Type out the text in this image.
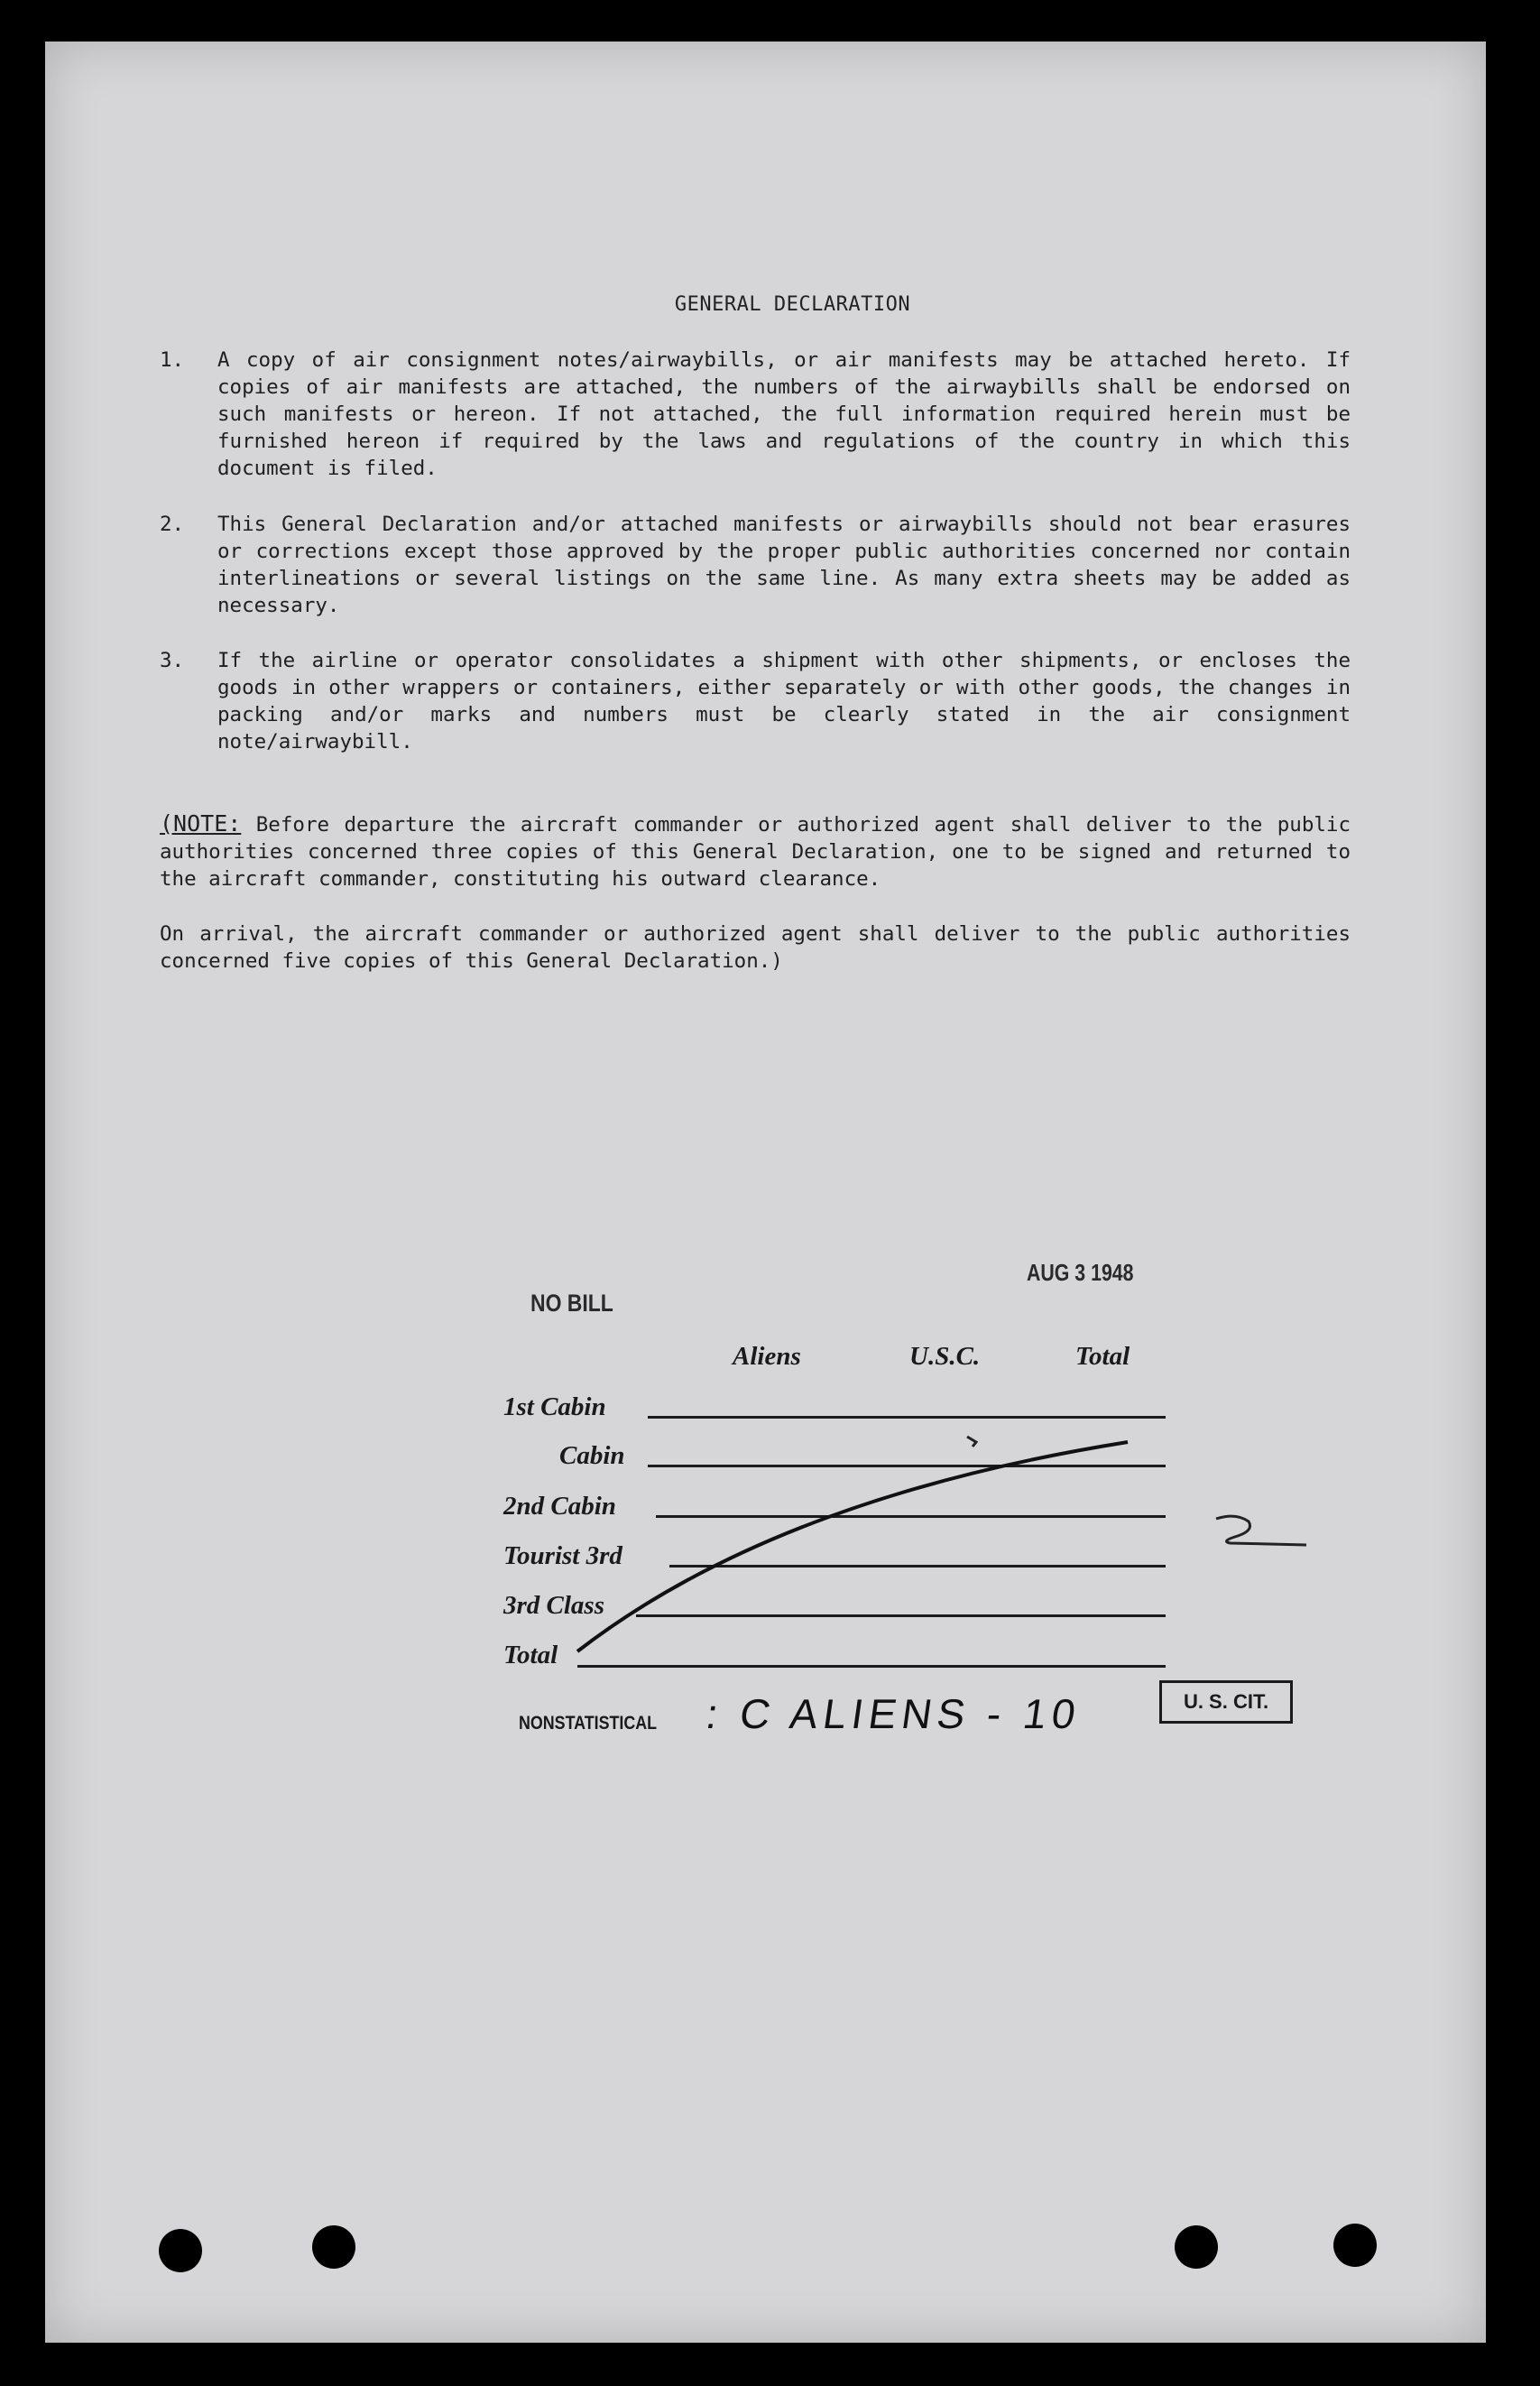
GENERAL DECLARATION
1. A copy of air consignment notes/airwaybills, or air manifests may be attached hereto. If copies of air manifests are attached, the numbers of the airwaybills shall be endorsed on such manifests or hereon. If not attached, the full information required herein must be furnished hereon if required by the laws and regulations of the country in which this document is filed.
2. This General Declaration and/or attached manifests or airwaybills should not bear erasures or corrections except those approved by the proper public authorities concerned nor contain interlineations or several listings on the same line. As many extra sheets may be added as necessary.
3. If the airline or operator consolidates a shipment with other shipments, or encloses the goods in other wrappers or containers, either separately or with other goods, the changes in packing and/or marks and numbers must be clearly stated in the air consignment note/airwaybill.
(NOTE: Before departure the aircraft commander or authorized agent shall deliver to the public authorities concerned three copies of this General Declaration, one to be signed and returned to the aircraft commander, constituting his outward clearance.
On arrival, the aircraft commander or authorized agent shall deliver to the public authorities concerned five copies of this General Declaration.)
AUG 3 1948
NO BILL
Aliens	U.S.C.	Total
1st Cabin
Cabin
2nd Cabin
Tourist 3rd
3rd Class
Total
NONSTATISTICAL : C ALIENS - 10	U. S. CIT.
